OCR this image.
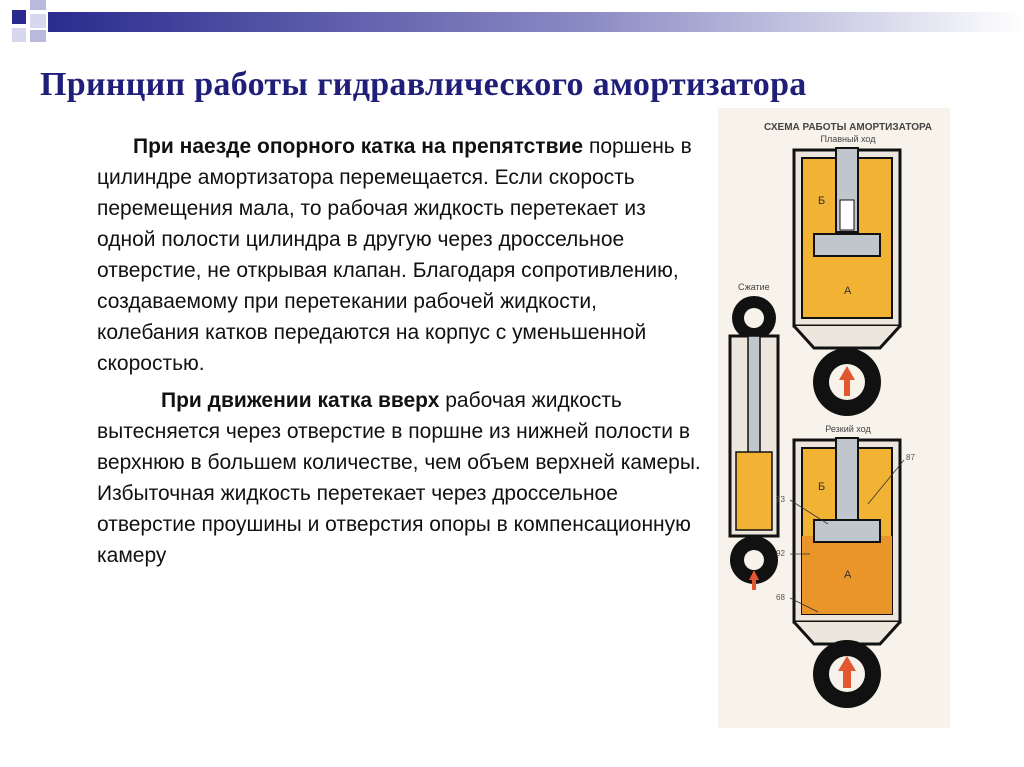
Принцип работы гидравлического амортизатора

При наезде опорного катка на препятствие поршень в цилиндре амортизатора перемещается. Если скорость перемещения мала, то рабочая жидкость перетекает из одной полости цилиндра в другую через дроссельное отверстие, не открывая клапан. Благодаря сопротивлению, создаваемому при перетекании рабочей жидкости, колебания катков передаются на корпус с уменьшенной скоростью.

При движении катка вверх рабочая жидкость вытесняется через отверстие в поршне из нижней полости в верхнюю в большем количестве, чем объем верхней камеры. Избыточная жидкость перетекает через дроссельное отверстие проушины и отверстия опоры в компенсационную камеру

СХЕМА РАБОТЫ АМОРТИЗАТОРА
Плавный ход
Б
А
Сжатие
Резкий ход
Б
А
87
73
92
68
